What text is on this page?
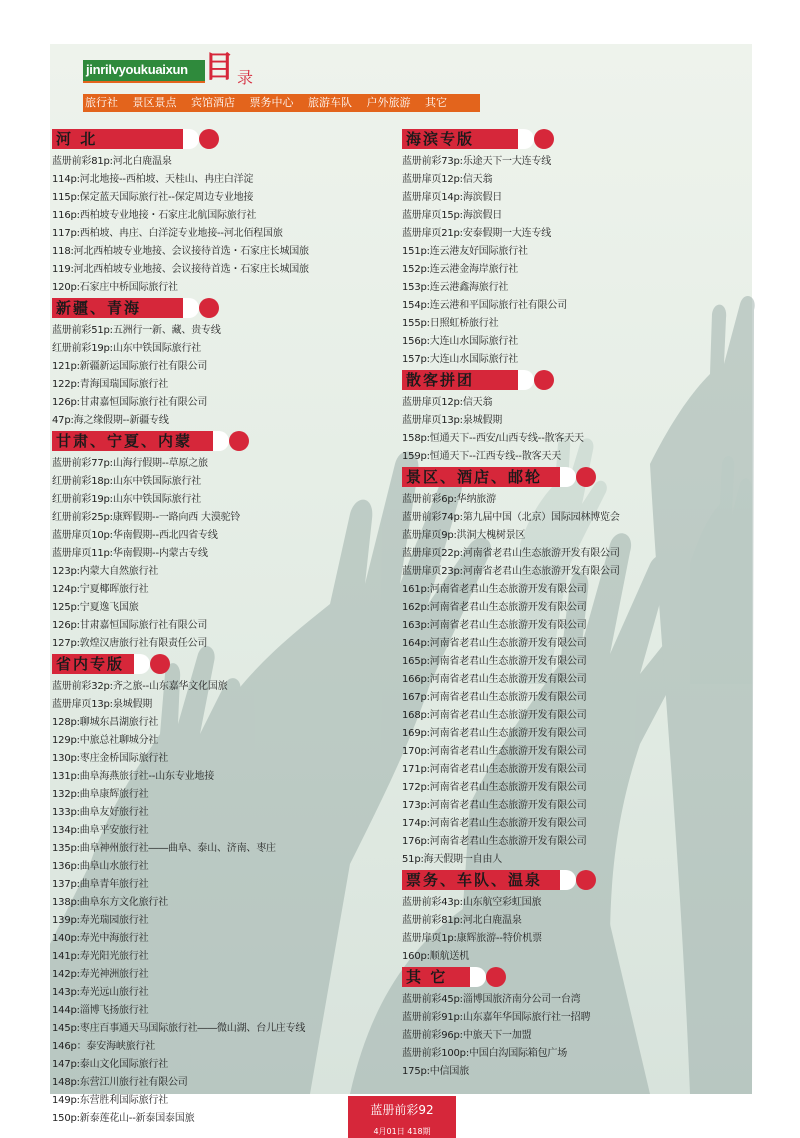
jinrilvyoukuaixun 目 录
旅行社 景区景点 宾馆酒店 票务中心 旅游车队 户外旅游 其它
河 北
蓝册前彩81p:河北白鹿温泉
114p:河北地接--西柏坡、天桂山、冉庄白洋淀
115p:保定蓝天国际旅行社--保定周边专业地接
116p:西柏坡专业地接・石家庄北航国际旅行社
117p:西柏坡、冉庄、白洋淀专业地接--河北佰程国旅
118:河北西柏坡专业地接、会议接待首选・石家庄长城国旅
119:河北西柏坡专业地接、会议接待首选・石家庄长城国旅
120p:石家庄中桥国际旅行社
新疆、青海
蓝册前彩51p:五洲行一新、藏、贵专线
红册前彩19p:山东中铁国际旅行社
121p:新疆新运国际旅行社有限公司
122p:青海国瑞国际旅行社
126p:甘肃嘉恒国际旅行社有限公司
47p:海之缘假期--新疆专线
甘肃、宁夏、内蒙
蓝册前彩77p:山海行假期--草原之旅
红册前彩18p:山东中铁国际旅行社
红册前彩19p:山东中铁国际旅行社
红册前彩25p:康辉假期--一路向西 大漠驼铃
蓝册扉页10p:华南假期--西北四省专线
蓝册扉页11p:华南假期--内蒙古专线
123p:内蒙大自然旅行社
124p:宁夏椰晖旅行社
125p:宁夏逸飞国旅
126p:甘肃嘉恒国际旅行社有限公司
127p:敦煌汉唐旅行社有限责任公司
省内专版
蓝册前彩32p:齐之旅--山东嘉华文化国旅
蓝册扉页13p:泉城假期
128p:聊城东昌湖旅行社
129p:中旅总社聊城分社
130p:枣庄金桥国际旅行社
131p:曲阜海燕旅行社--山东专业地接
132p:曲阜康辉旅行社
133p:曲阜友好旅行社
134p:曲阜平安旅行社
135p:曲阜神州旅行社――曲阜、泰山、济南、枣庄
136p:曲阜山水旅行社
137p:曲阜青年旅行社
138p:曲阜东方文化旅行社
139p:寿光瑞园旅行社
140p:寿光中海旅行社
141p:寿光阳光旅行社
142p:寿光神洲旅行社
143p:寿光远山旅行社
144p:淄博飞扬旅行社
145p:枣庄百事通天马国际旅行社――微山湖、台儿庄专线
146p：泰安海峡旅行社
147p:泰山文化国际旅行社
148p:东营江川旅行社有限公司
149p:东营胜利国际旅行社
150p:新泰莲花山--新泰国泰国旅
海滨专版
蓝册前彩73p:乐途天下一大连专线
蓝册扉页12p:信天翁
蓝册扉页14p:海滨假日
蓝册扉页15p:海滨假日
蓝册扉页21p:安泰假期一大连专线
151p:连云港友好国际旅行社
152p:连云港金海岸旅行社
153p:连云港鑫海旅行社
154p:连云港和平国际旅行社有限公司
155p:日照虹桥旅行社
156p:大连山水国际旅行社
157p:大连山水国际旅行社
散客拼团
蓝册扉页12p:信天翁
蓝册扉页13p:泉城假期
158p:恒通天下--西安/山西专线--散客天天
159p:恒通天下--江西专线--散客天天
景区、酒店、邮轮
蓝册前彩6p:华纳旅游
蓝册前彩74p:第九届中国（北京）国际园林博览会
蓝册扉页9p:洪洞大槐树景区
蓝册扉页22p:河南省老君山生态旅游开发有限公司
蓝册扉页23p:河南省老君山生态旅游开发有限公司
161p:河南省老君山生态旅游开发有限公司
162p:河南省老君山生态旅游开发有限公司
163p:河南省老君山生态旅游开发有限公司
164p:河南省老君山生态旅游开发有限公司
165p:河南省老君山生态旅游开发有限公司
166p:河南省老君山生态旅游开发有限公司
167p:河南省老君山生态旅游开发有限公司
168p:河南省老君山生态旅游开发有限公司
169p:河南省老君山生态旅游开发有限公司
170p:河南省老君山生态旅游开发有限公司
171p:河南省老君山生态旅游开发有限公司
172p:河南省老君山生态旅游开发有限公司
173p:河南省老君山生态旅游开发有限公司
174p:河南省老君山生态旅游开发有限公司
176p:河南省老君山生态旅游开发有限公司
51p:海天假期一自由人
票务、车队、温泉
蓝册前彩43p:山东航空彩虹国旅
蓝册前彩81p:河北白鹿温泉
蓝册扉页1p:康辉旅游--特价机票
160p:顺航送机
其 它
蓝册前彩45p:淄博国旅济南分公司一台湾
蓝册前彩91p:山东嘉年华国际旅行社一招聘
蓝册前彩96p:中旅天下一加盟
蓝册前彩100p:中国白沟国际箱包广场
175p:中信国旅
蓝册前彩92
4月01日 418期
